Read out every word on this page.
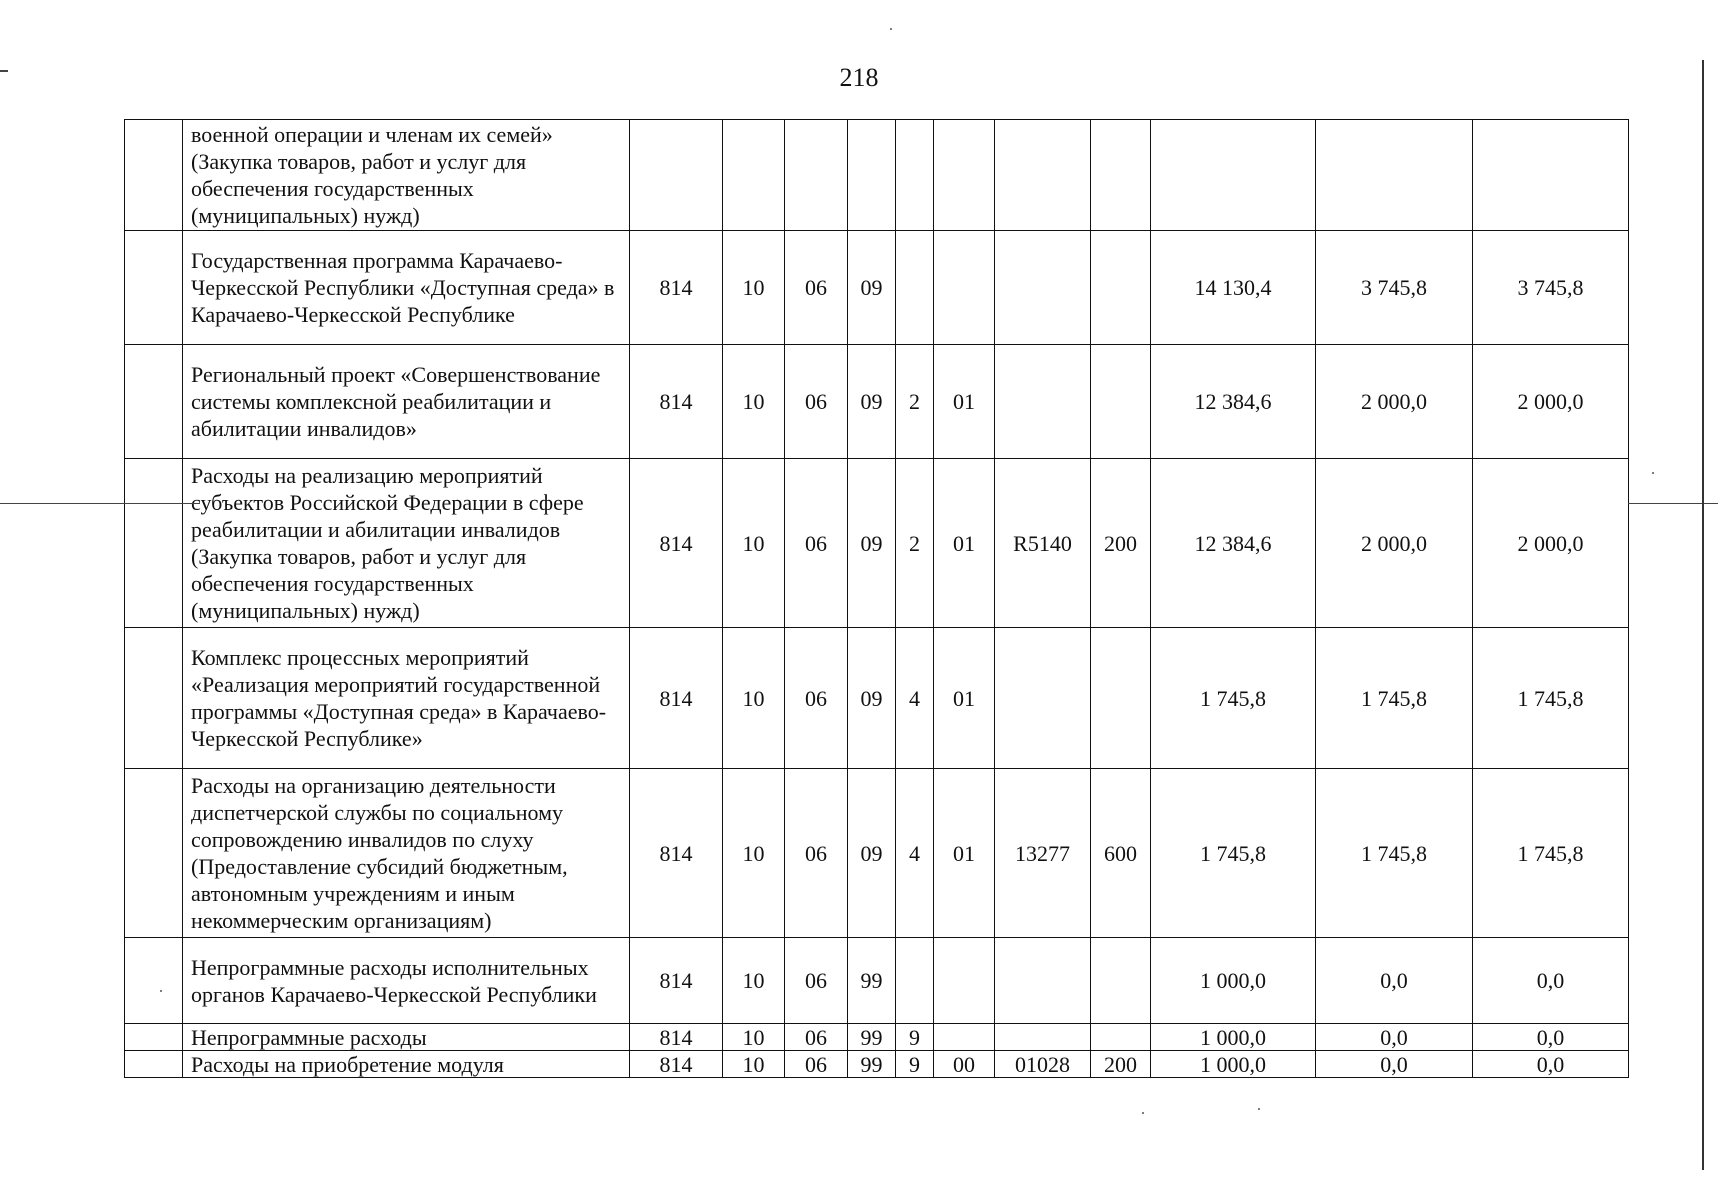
218
	военной операции и членам их семей» (Закупка товаров, работ и услуг для обеспечения государственных (муниципальных) нужд)											
	Государственная программа Карачаево-Черкесской Республики «Доступная среда» в Карачаево-Черкесской Республике	814	10	06	09					14 130,4	3 745,8	3 745,8
	Региональный проект «Совершенствование системы комплексной реабилитации и абилитации инвалидов»	814	10	06	09	2	01			12 384,6	2 000,0	2 000,0
	Расходы на реализацию мероприятий субъектов Российской Федерации в сфере реабилитации и абилитации инвалидов (Закупка товаров, работ и услуг для обеспечения государственных (муниципальных) нужд)	814	10	06	09	2	01	R5140	200	12 384,6	2 000,0	2 000,0
	Комплекс процессных мероприятий «Реализация мероприятий государственной программы «Доступная среда» в Карачаево-Черкесской Республике»	814	10	06	09	4	01			1 745,8	1 745,8	1 745,8
	Расходы на организацию деятельности диспетчерской службы по социальному сопровождению инвалидов по слуху (Предоставление субсидий бюджетным, автономным учреждениям и иным некоммерческим организациям)	814	10	06	09	4	01	13277	600	1 745,8	1 745,8	1 745,8
	Непрограммные расходы исполнительных органов Карачаево-Черкесской Республики	814	10	06	99					1 000,0	0,0	0,0
	Непрограммные расходы	814	10	06	99	9				1 000,0	0,0	0,0
	Расходы на приобретение модуля	814	10	06	99	9	00	01028	200	1 000,0	0,0	0,0
